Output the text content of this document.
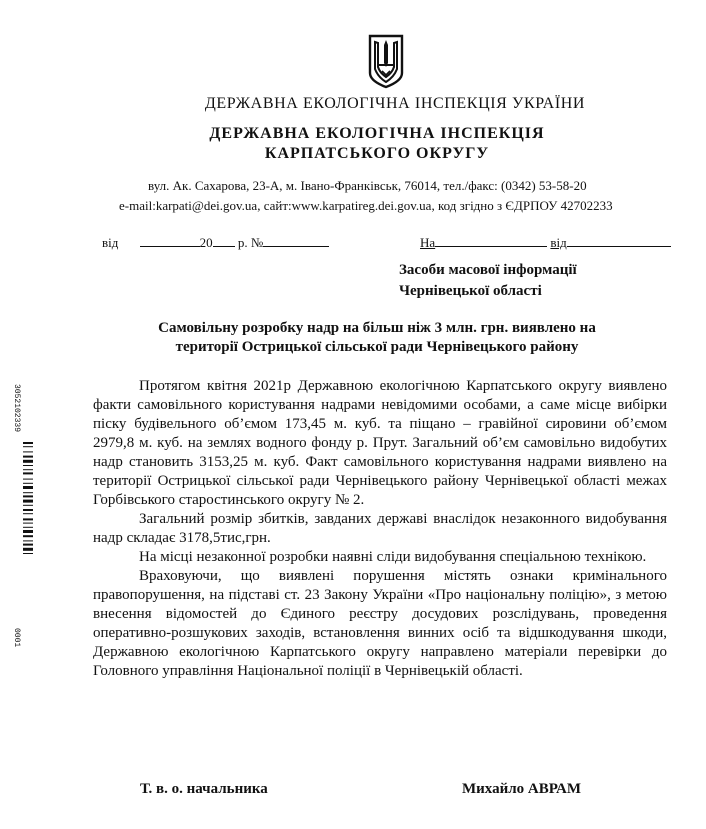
ДЕРЖАВНА ЕКОЛОГІЧНА ІНСПЕКЦІЯ УКРАЇНИ
ДЕРЖАВНА ЕКОЛОГІЧНА ІНСПЕКЦІЯ
КАРПАТСЬКОГО ОКРУГУ
вул. Ак. Сахарова, 23-А, м. Івано-Франківськ, 76014, тел./факс: (0342) 53-58-20
e-mail:karpati@dei.gov.ua, сайт:www.karpatireg.dei.gov.ua, код згідно з ЄДРПОУ 42702233
від	20 р. №	На	від
Засоби масової інформації
Чернівецької області
Самовільну розробку надр на більш ніж 3 млн. грн. виявлено на
території Острицької сільської ради Чернівецького району

Протягом квітня 2021р Державною екологічною Карпатського округу виявлено факти самовільного користування надрами невідомими особами, а саме місце вибірки піску будівельного об’ємом 173,45 м. куб. та піщано – гравійної сировини об’ємом 2979,8 м. куб. на землях водного фонду р. Прут. Загальний об’єм самовільно видобутих надр становить 3153,25 м. куб. Факт самовільного користування надрами виявлено на території Острицької сільської ради Чернівецького району Чернівецької області межах Горбівського старостинського округу № 2.

Загальний розмір збитків, завданих державі внаслідок незаконного видобування надр складає 3178,5тис,грн.

На місці незаконної розробки наявні сліди видобування спеціальною технікою.

Враховуючи, що виявлені порушення містять ознаки кримінального правопорушення, на підставі ст. 23 Закону України «Про національну поліцію», з метою внесення відомостей до Єдиного реєстру досудових розслідувань, проведення оперативно-розшукових заходів, встановлення винних осіб та відшкодування шкоди, Державною екологічною Карпатського округу направлено матеріали перевірки до Головного управління Національної поліції в Чернівецькій області.

Т. в. о. начальника	Михайло АВРАМ
3052102339
0001
